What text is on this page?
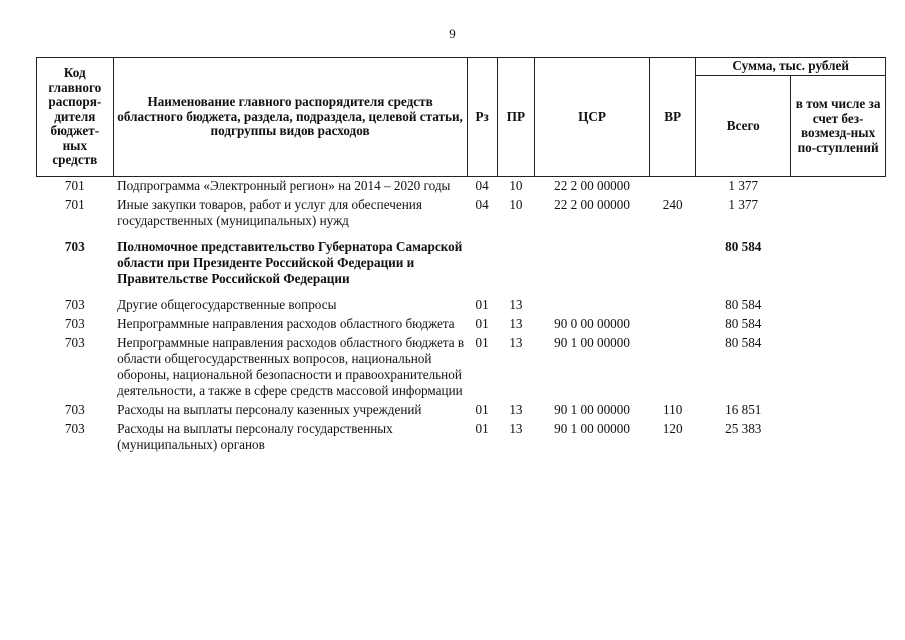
9
Код главного распоря-дителя бюджет-ных средств	Наименование главного распорядителя средств областного бюджета, раздела, подраздела, целевой статьи, подгруппы видов расходов	Рз	ПР	ЦСР	ВР	Сумма, тыс. рублей	
						Всего	в том числе за счет без-возмезд-ных по-ступлений
701	Подпрограмма «Электронный регион» на 2014 – 2020 годы	04	10	22 2 00 00000		1 377	
701	Иные закупки товаров, работ и услуг для обеспечения государственных (муниципальных) нужд	04	10	22 2 00 00000	240	1 377	
703	Полномочное представительство Губернатора Самарской области при Президенте Российской Федерации и Правительстве Российской Федерации					80 584	
703	Другие общегосударственные вопросы	01	13			80 584	
703	Непрограммные направления расходов областного бюджета	01	13	90 0 00 00000		80 584	
703	Непрограммные направления расходов областного бюджета в области общегосударственных вопросов, национальной обороны, национальной безопасности и правоохранительной деятельности, а также в сфере средств массовой информации	01	13	90 1 00 00000		80 584	
703	Расходы на выплаты персоналу казенных учреждений	01	13	90 1 00 00000	110	16 851	
703	Расходы на выплаты персоналу государственных (муниципальных) органов	01	13	90 1 00 00000	120	25 383	
